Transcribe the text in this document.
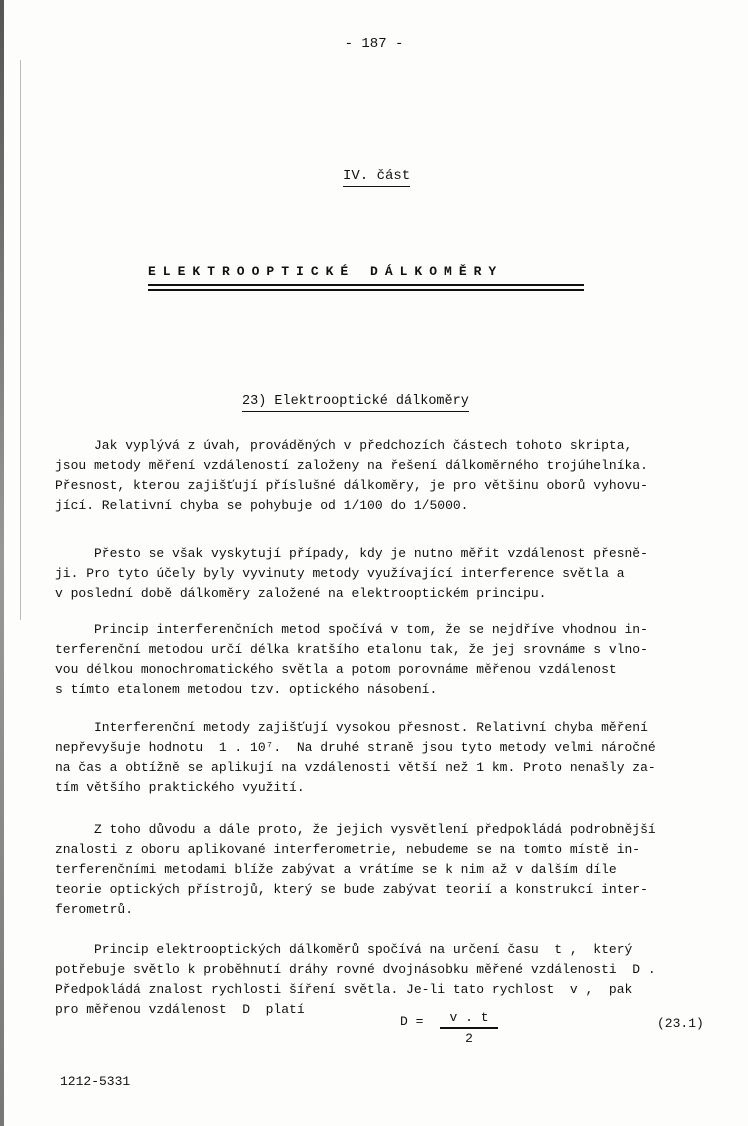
- 187 -
IV. část
ELEKTROOPTICKÉ DÁLKOMĚRY
23) Elektrooptické dálkoměry
Jak vyplývá z úvah, prováděných v předchozích částech tohoto skripta,
jsou metody měření vzdáleností založeny na řešení dálkoměrného trojúhelníka.
Přesnost, kterou zajišťují příslušné dálkoměry, je pro většinu oborů vyhovu-
jící. Relativní chyba se pohybuje od 1/100 do 1/5000.
Přesto se však vyskytují případy, kdy je nutno měřit vzdálenost přesně-
ji. Pro tyto účely byly vyvinuty metody využívající interference světla a
v poslední době dálkoměry založené na elektrooptickém principu.
Princip interferenčních metod spočívá v tom, že se nejdříve vhodnou in-
terferenční metodou určí délka kratšího etalonu tak, že jej srovnáme s vlno-
vou délkou monochromatického světla a potom porovnáme měřenou vzdálenost
s tímto etalonem metodou tzv. optického násobení.
Interferenční metody zajišťují vysokou přesnost. Relativní chyba měření
nepřevyšuje hodnotu  1 . 10⁷.  Na druhé straně jsou tyto metody velmi náročné
na čas a obtížně se aplikují na vzdálenosti větší než 1 km. Proto nenašly za-
tím většího praktického využití.
Z toho důvodu a dále proto, že jejich vysvětlení předpokládá podrobnější
znalosti z oboru aplikované interferometrie, nebudeme se na tomto místě in-
terferenčními metodami blíže zabývat a vrátíme se k nim až v dalším díle
teorie optických přístrojů, který se bude zabývat teorií a konstrukcí inter-
ferometrů.
Princip elektrooptických dálkoměrů spočívá na určení času  t ,  který
potřebuje světlo k proběhnutí dráhy rovné dvojnásobku měřené vzdálenosti  D .
Předpokládá znalost rychlosti šíření světla. Je-li tato rychlost  v ,  pak
pro měřenou vzdálenost  D  platí
D =	v . t
2
(23.1)
1212-5331
